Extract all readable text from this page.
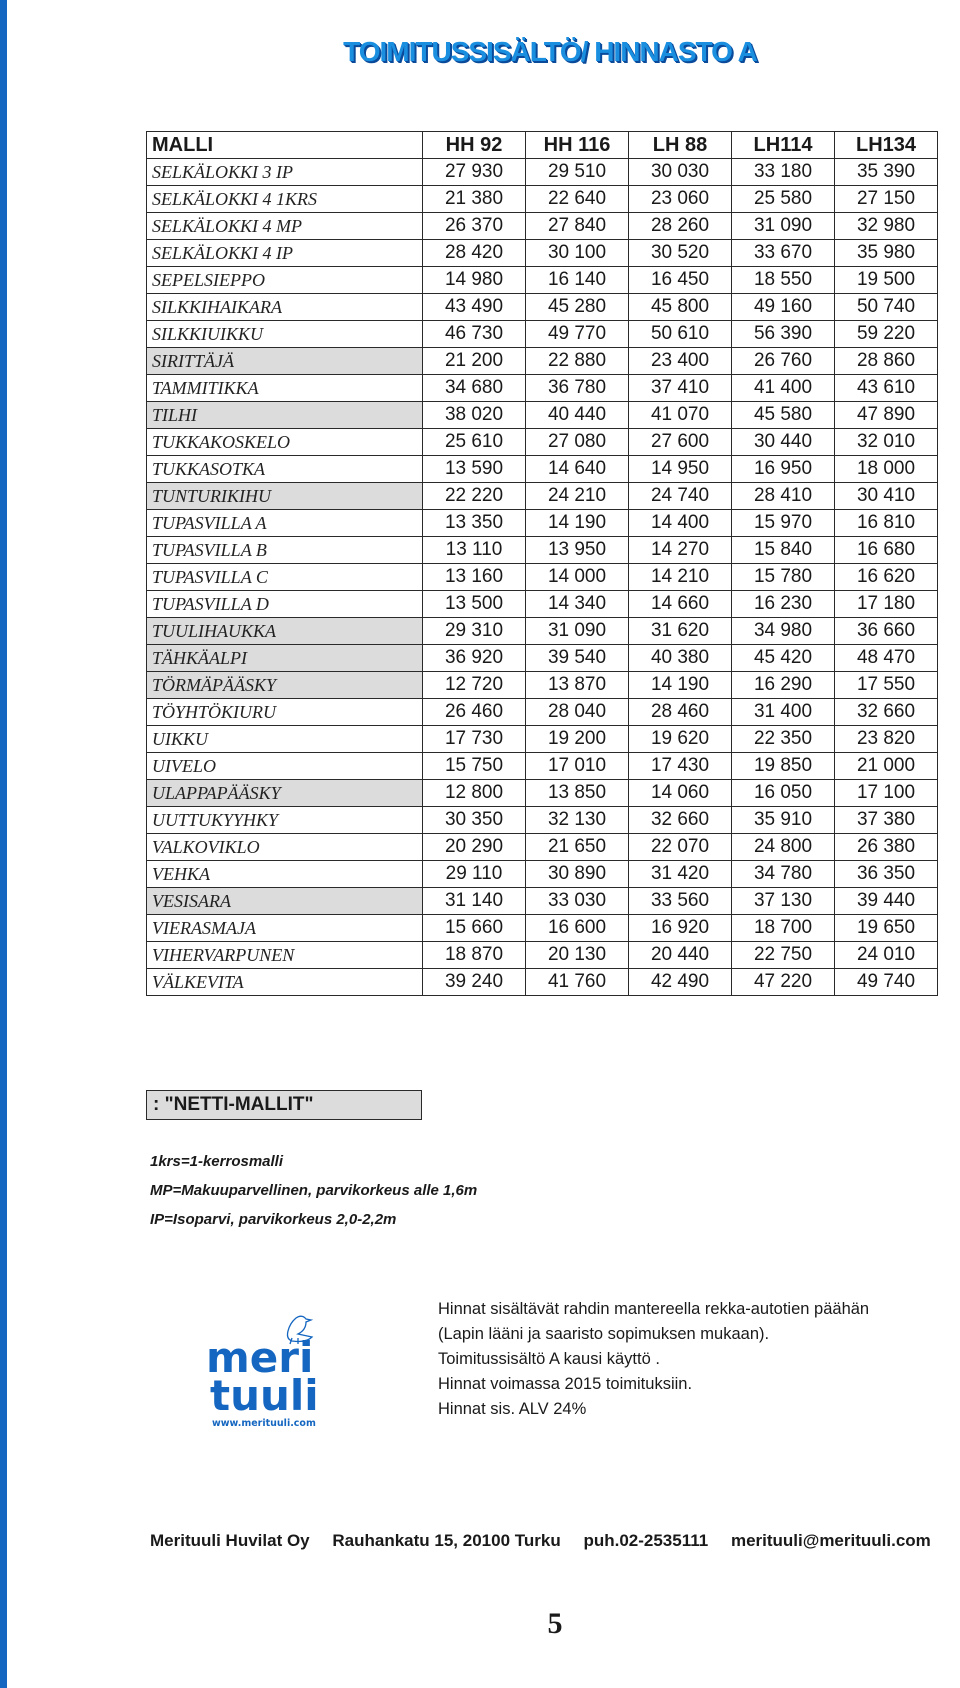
TOIMITUSSISÄLTÖ/ HINNASTO A
MALLI	HH 92	HH 116	LH 88	LH114	LH134
SELKÄLOKKI 3 IP	27 930	29 510	30 030	33 180	35 390
SELKÄLOKKI 4 1KRS	21 380	22 640	23 060	25 580	27 150
SELKÄLOKKI 4 MP	26 370	27 840	28 260	31 090	32 980
SELKÄLOKKI 4 IP	28 420	30 100	30 520	33 670	35 980
SEPELSIEPPO	14 980	16 140	16 450	18 550	19 500
SILKKIHAIKARA	43 490	45 280	45 800	49 160	50 740
SILKKIUIKKU	46 730	49 770	50 610	56 390	59 220
SIRITTÄJÄ	21 200	22 880	23 400	26 760	28 860
TAMMITIKKA	34 680	36 780	37 410	41 400	43 610
TILHI	38 020	40 440	41 070	45 580	47 890
TUKKAKOSKELO	25 610	27 080	27 600	30 440	32 010
TUKKASOTKA	13 590	14 640	14 950	16 950	18 000
TUNTURIKIHU	22 220	24 210	24 740	28 410	30 410
TUPASVILLA A	13 350	14 190	14 400	15 970	16 810
TUPASVILLA B	13 110	13 950	14 270	15 840	16 680
TUPASVILLA C	13 160	14 000	14 210	15 780	16 620
TUPASVILLA D	13 500	14 340	14 660	16 230	17 180
TUULIHAUKKA	29 310	31 090	31 620	34 980	36 660
TÄHKÄALPI	36 920	39 540	40 380	45 420	48 470
TÖRMÄPÄÄSKY	12 720	13 870	14 190	16 290	17 550
TÖYHTÖKIURU	26 460	28 040	28 460	31 400	32 660
UIKKU	17 730	19 200	19 620	22 350	23 820
UIVELO	15 750	17 010	17 430	19 850	21 000
ULAPPAPÄÄSKY	12 800	13 850	14 060	16 050	17 100
UUTTUKYYHKY	30 350	32 130	32 660	35 910	37 380
VALKOVIKLO	20 290	21 650	22 070	24 800	26 380
VEHKA	29 110	30 890	31 420	34 780	36 350
VESISARA	31 140	33 030	33 560	37 130	39 440
VIERASMAJA	15 660	16 600	16 920	18 700	19 650
VIHERVARPUNEN	18 870	20 130	20 440	22 750	24 010
VÄLKEVITA	39 240	41 760	42 490	47 220	49 740
: "NETTI-MALLIT"
1krs=1-kerrosmalli
MP=Makuuparvellinen, parvikorkeus alle 1,6m
IP=Isoparvi, parvikorkeus 2,0-2,2m
meri
tuuli
www.merituuli.com
Hinnat sisältävät rahdin mantereella rekka-autotien päähän
(Lapin lääni ja saaristo sopimuksen mukaan).
Toimitussisältö A kausi käyttö .
Hinnat voimassa 2015 toimituksiin.
Hinnat sis. ALV 24%
Merituuli Huvilat Oy Rauhankatu 15, 20100 Turku puh.02-2535111 merituuli@merituuli.com
5
